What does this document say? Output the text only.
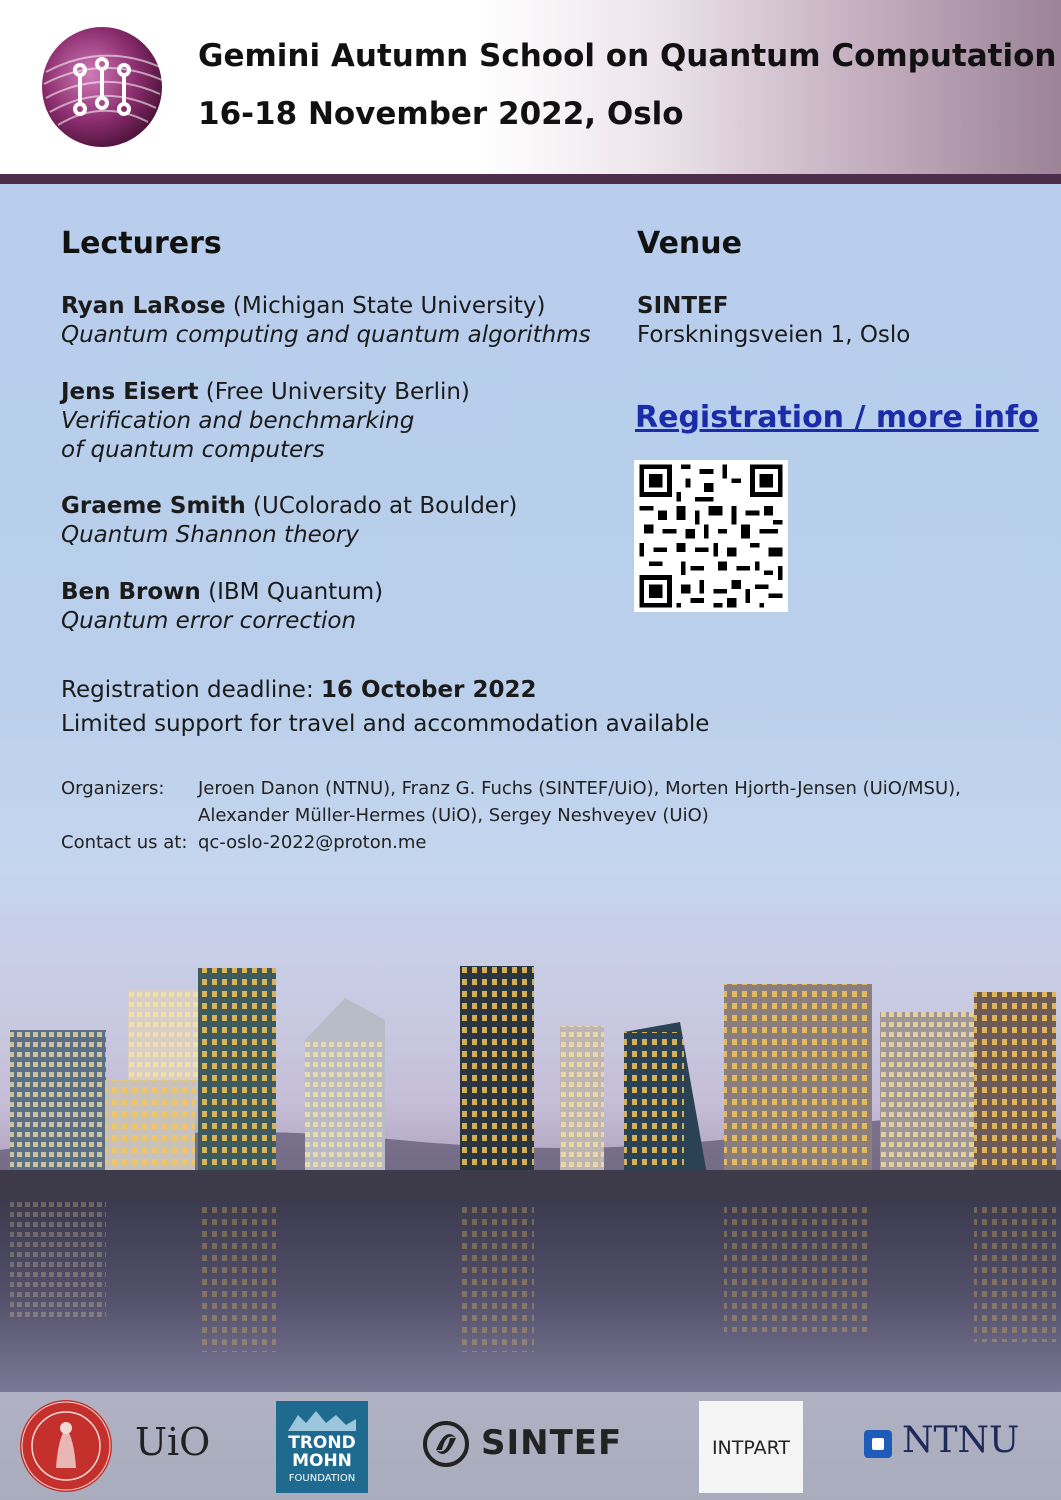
Gemini Autumn School on Quantum Computation
16-18 November 2022, Oslo
Lecturers
Ryan LaRose (Michigan State University)
Quantum computing and quantum algorithms
Jens Eisert (Free University Berlin)
Verification and benchmarking
of quantum computers
Graeme Smith (UColorado at Boulder)
Quantum Shannon theory
Ben Brown (IBM Quantum)
Quantum error correction
Venue
SINTEF
Forskningsveien 1, Oslo
Registration / more info
Registration deadline: 16 October 2022
Limited support for travel and accommodation available
Organizers: Jeroen Danon (NTNU), Franz G. Fuchs (SINTEF/UiO), Morten Hjorth-Jensen (UiO/MSU),
Alexander Müller-Hermes (UiO), Sergey Neshveyev (UiO)
Contact us at: qc-oslo-2022@proton.me
UiO	TROND
MOHN
FOUNDATION
SINTEF	INTPART	NTNU
